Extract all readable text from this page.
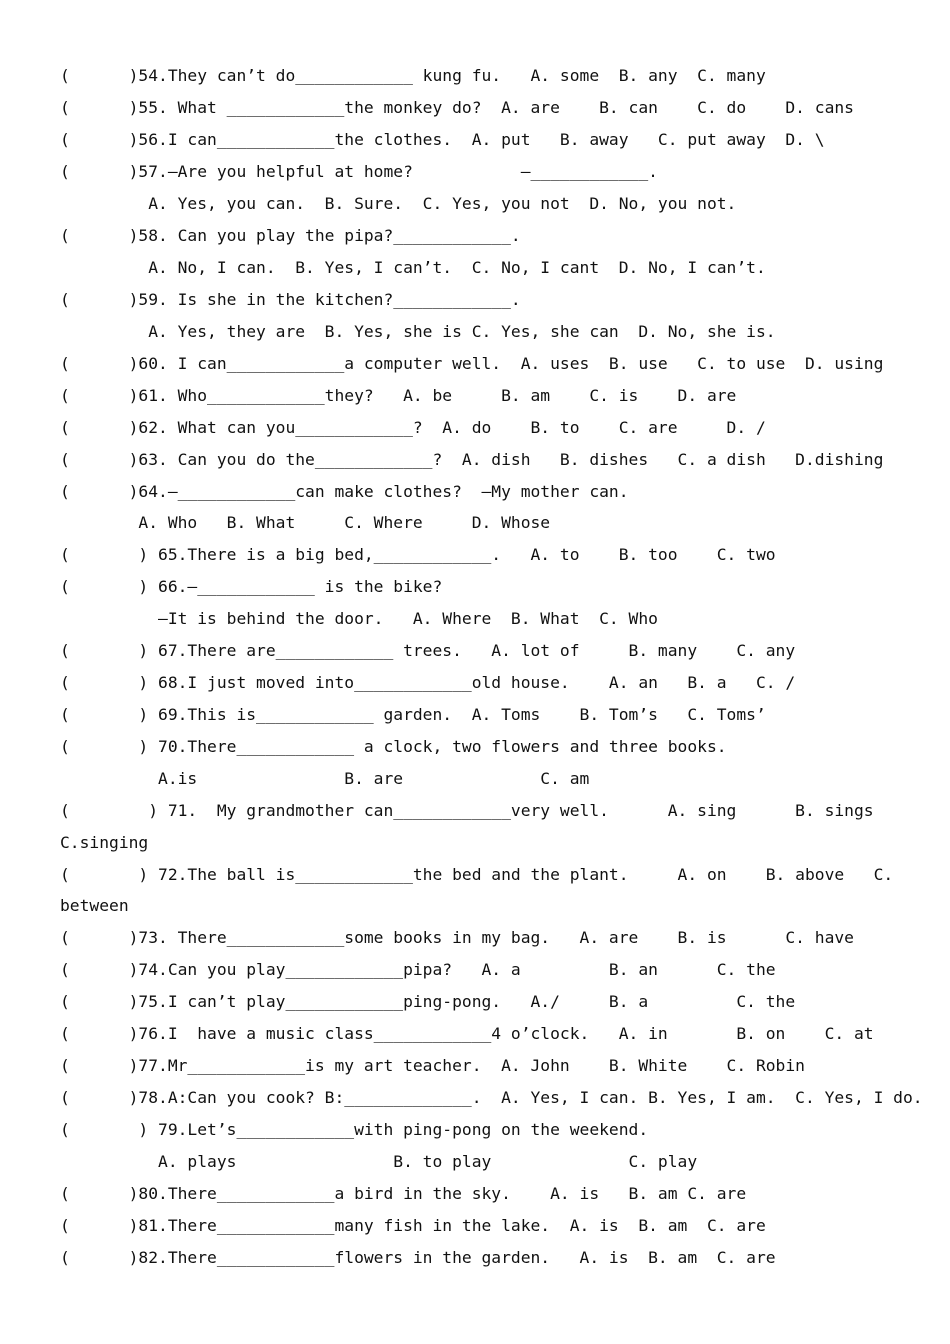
(      )54.They can’t do____________ kung fu.   A. some  B. any  C. many
(      )55. What ____________the monkey do?  A. are    B. can    C. do    D. cans
(      )56.I can____________the clothes.  A. put   B. away   C. put away  D. \
(      )57.—Are you helpful at home?           —____________.
A. Yes, you can.  B. Sure.  C. Yes, you not  D. No, you not.
(      )58. Can you play the pipa?____________.
A. No, I can.  B. Yes, I can’t.  C. No, I cant  D. No, I can’t.
(      )59. Is she in the kitchen?____________.
A. Yes, they are  B. Yes, she is C. Yes, she can  D. No, she is.
(      )60. I can____________a computer well.  A. uses  B. use   C. to use  D. using
(      )61. Who____________they?   A. be     B. am    C. is    D. are
(      )62. What can you____________?  A. do    B. to    C. are     D. /
(      )63. Can you do the____________?  A. dish   B. dishes   C. a dish   D.dishing
(      )64.—____________can make clothes?  —My mother can.
A. Who   B. What     C. Where     D. Whose
(       ) 65.There is a big bed,____________.   A. to    B. too    C. two
(       ) 66.—____________ is the bike?
—It is behind the door.   A. Where  B. What  C. Who
(       ) 67.There are____________ trees.   A. lot of     B. many    C. any
(       ) 68.I just moved into____________old house.    A. an   B. a   C. /
(       ) 69.This is____________ garden.  A. Toms    B. Tom’s   C. Toms’
(       ) 70.There____________ a clock, two flowers and three books.
A.is               B. are              C. am
(        ) 71.  My grandmother can____________very well.      A. sing      B. sings
C.singing
(       ) 72.The ball is____________the bed and the plant.     A. on    B. above   C.
between
(      )73. There____________some books in my bag.   A. are    B. is      C. have
(      )74.Can you play____________pipa?   A. a         B. an      C. the
(      )75.I can’t play____________ping-pong.   A./     B. a         C. the
(      )76.I  have a music class____________4 o’clock.   A. in       B. on    C. at
(      )77.Mr____________is my art teacher.  A. John    B. White    C. Robin
(      )78.A:Can you cook? B:_____________.  A. Yes, I can. B. Yes, I am.  C. Yes, I do.
(       ) 79.Let’s____________with ping-pong on the weekend.
A. plays                B. to play              C. play
(      )80.There____________a bird in the sky.    A. is   B. am C. are
(      )81.There____________many fish in the lake.  A. is  B. am  C. are
(      )82.There____________flowers in the garden.   A. is  B. am  C. are
